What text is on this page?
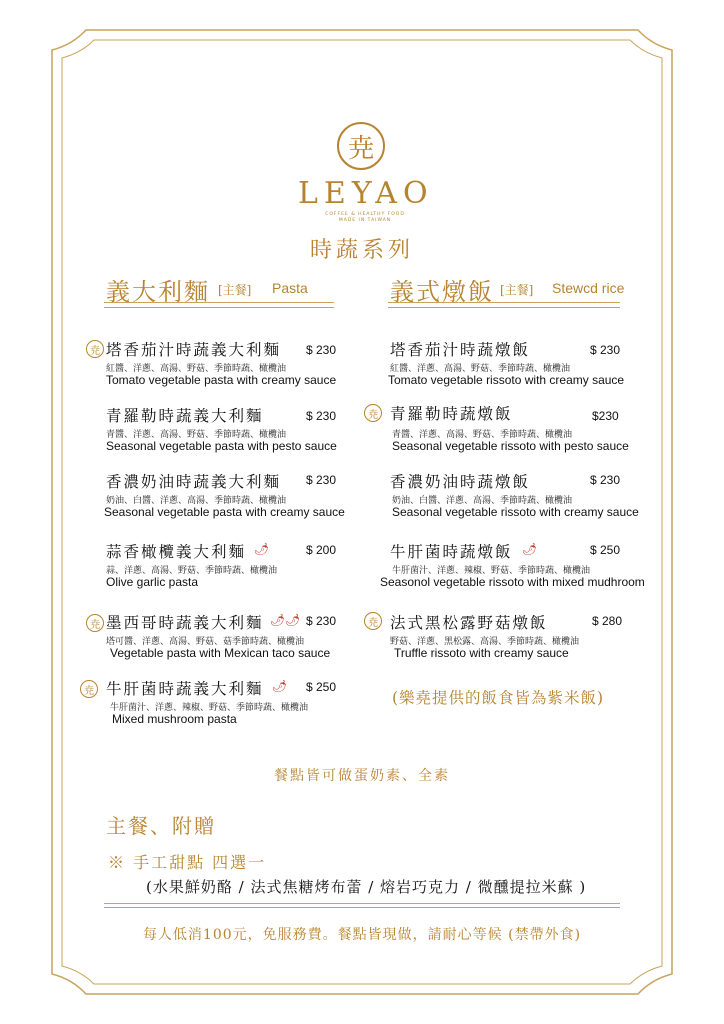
尭
LEYAO
COFFEE & HEALTHY FOOD
MADE IN TAIWAN
時蔬系列
義大利麵 [主餐] Pasta	義式燉飯 [主餐] Stewcd rice
尭 塔香茄汁時蔬義大利麵 $ 230
紅醬、洋蔥、高湯、野菇、季節時蔬、橄欖油
Tomato vegetable pasta with creamy sauce
青羅勒時蔬義大利麵	$ 230
青醬、洋蔥、高湯、野菇、季節時蔬、橄欖油
Seasonal vegetable pasta with pesto sauce
香濃奶油時蔬義大利麵 $ 230
奶油、白醬、洋蔥、高湯、季節時蔬、橄欖油
Seasonal vegetable pasta with creamy sauce
蒜香橄欖義大利麵 🌶	$ 200
蒜、洋蔥、高湯、野菇、季節時蔬、橄欖油
Olive garlic pasta
尭 墨西哥時蔬義大利麵 🌶🌶 $ 230
塔可醬、洋蔥、高湯、野菇、菇季節時蔬、橄欖油
Vegetable pasta with Mexican taco sauce
尭 牛肝菌時蔬義大利麵 🌶 $ 250
牛肝菌汁、洋蔥、辣椒、野菇、季節時蔬、橄欖油
Mixed mushroom pasta
塔香茄汁時蔬燉飯	$ 230
紅醬、洋蔥、高湯、野菇、季節時蔬、橄欖油
Tomato vegetable rissoto with creamy sauce
尭 青羅勒時蔬燉飯	$230
青醬、洋蔥、高湯、野菇、季節時蔬、橄欖油
Seasonal vegetable rissoto with pesto sauce
香濃奶油時蔬燉飯	$ 230
奶油、白醬、洋蔥、高湯、季節時蔬、橄欖油
Seasonal vegetable rissoto with creamy sauce
牛肝菌時蔬燉飯 🌶	$ 250
牛肝菌汁、洋蔥、辣椒、野菇、季節時蔬、橄欖油
Seasonol vegetable rissoto with mixed mudhroom
尭 法式黑松露野菇燉飯	$ 280
野菇、洋蔥、黑松露、高湯、季節時蔬、橄欖油
Truffle rissoto with creamy sauce
(樂堯提供的飯食皆為紫米飯)
餐點皆可做蛋奶素、全素
主餐、附贈
※ 手工甜點 四選一
(水果鮮奶酪 / 法式焦糖烤布蕾 / 熔岩巧克力 / 微醺提拉米蘇 )
每人低消100元，免服務費。餐點皆現做，請耐心等候 (禁帶外食)
